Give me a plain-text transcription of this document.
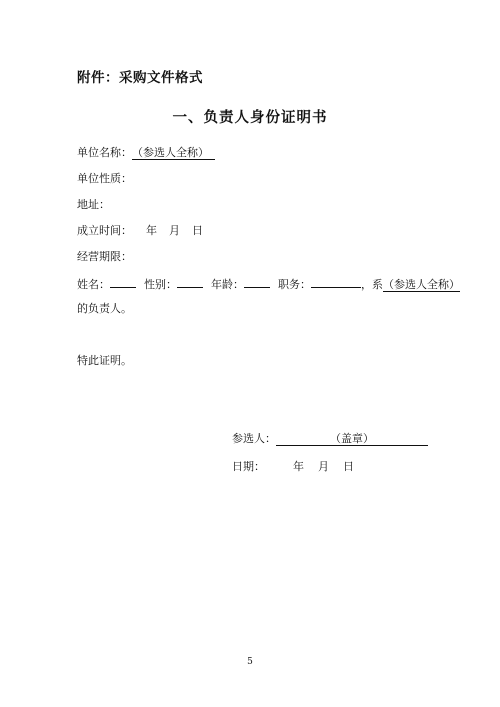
附件：采购文件格式
一、负责人身份证明书
单位名称：（参选人全称）
单位性质：
地址：
成立时间： 年 月 日
经营期限：
姓名：	性别：	年龄：	职务：	，系（参选人全称）
的负责人。
特此证明。
参选人：	（盖章）
日期：	年 月 日
5
